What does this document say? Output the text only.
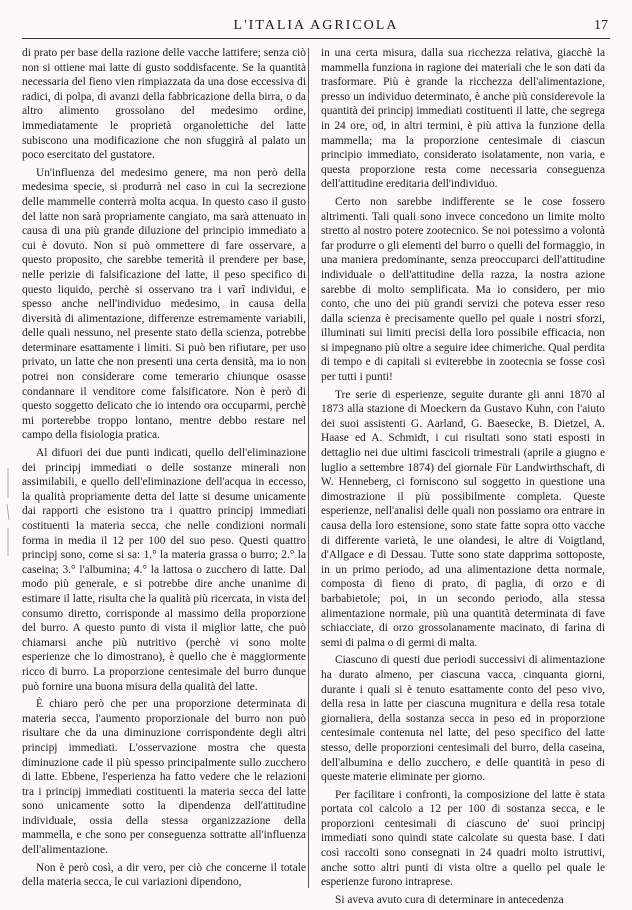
L'ITALIA AGRICOLA	17

di prato per base della razione delle vacche lattifere; senza ciò non si ottiene mai latte di gusto soddisfacente. Se la quantità necessaria del fieno vien rimpiazzata da una dose eccessiva di radici, di polpa, di avanzi della fabbricazione della birra, o da altro alimento grossolano del medesimo ordine, immediatamente le proprietà organolettiche del latte subiscono una modificazione che non sfuggirà al palato un poco esercitato del gustatore.

Un'influenza del medesimo genere, ma non però della medesima specie, si produrrà nel caso in cui la secrezione delle mammelle conterrà molta acqua. In questo caso il gusto del latte non sarà propriamente cangiato, ma sarà attenuato in causa di una più grande diluzione del principio immediato a cui è dovuto. Non si può ommettere di fare osservare, a questo proposito, che sarebbe temerità il prendere per base, nelle perizie di falsificazione del latte, il peso specifico di questo liquido, perchè si osservano tra i varî individui, e spesso anche nell'individuo medesimo, in causa della diversità di alimentazione, differenze estremamente variabili, delle quali nessuno, nel presente stato della scienza, potrebbe determinare esattamente i limiti. Si può ben rifiutare, per uso privato, un latte che non presenti una certa densità, ma io non potrei non considerare come temerario chiunque osasse condannare il venditore come falsificatore. Non è però di questo soggetto delicato che io intendo ora occuparmi, perchè mi porterebbe troppo lontano, mentre debbo restare nel campo della fisiologia pratica.

Al difuori dei due punti indicati, quello dell'eliminazione dei principj immediati o delle sostanze minerali non assimilabili, e quello dell'eliminazione dell'acqua in eccesso, la qualità propriamente detta del latte si desume unicamente dai rapporti che esistono tra i quattro principj immediati costituenti la materia secca, che nelle condizioni normali forma in media il 12 per 100 del suo peso. Questi quattro principj sono, come si sa: 1.° la materia grassa o burro; 2.° la caseina; 3.° l'albumina; 4.° la lattosa o zucchero di latte. Dal modo più generale, e si potrebbe dire anche unanime di estimare il latte, risulta che la qualità più ricercata, in vista del consumo diretto, corrisponde al massimo della proporzione del burro. A questo punto di vista il miglior latte, che può chiamarsi anche più nutritivo (perchè vi sono molte esperienze che lo dimostrano), è quello che è maggiormente ricco di burro. La proporzione centesimale del burro dunque può fornire una buona misura della qualità del latte.

È chiaro però che per una proporzione determinata di materia secca, l'aumento proporzionale del burro non può risultare che da una diminuzione corrispondente degli altri principj immediati. L'osservazione mostra che questa diminuzione cade il più spesso principalmente sullo zucchero di latte. Ebbene, l'esperienza ha fatto vedere che le relazioni tra i principj immediati costituenti la materia secca del latte sono unicamente sotto la dipendenza dell'attitudine individuale, ossia della stessa organizzazione della mammella, e che sono per conseguenza sottratte all'influenza dell'alimentazione.

Non è però così, a dir vero, per ciò che concerne il totale della materia secca, le cui variazioni dipendono,

in una certa misura, dalla sua ricchezza relativa, giacchè la mammella funziona in ragione dei materiali che le son dati da trasformare. Più è grande la ricchezza dell'alimentazione, presso un individuo determinato, è anche più considerevole la quantità dei principj immediati costituenti il latte, che segrega in 24 ore, od, in altri termini, è più attiva la funzione della mammella; ma la proporzione centesimale di ciascun principio immediato, considerato isolatamente, non varia, e questa proporzione resta come necessaria conseguenza dell'attitudine ereditaria dell'individuo.

Certo non sarebbe indifferente se le cose fossero altrimenti. Tali quali sono invece concedono un limite molto stretto al nostro potere zootecnico. Se noi potessimo a volontà far produrre o gli elementi del burro o quelli del formaggio, in una maniera predominante, senza preoccuparci dell'attitudine individuale o dell'attitudine della razza, la nostra azione sarebbe di molto semplificata. Ma io considero, per mio conto, che uno dei più grandi servizi che poteva esser reso dalla scienza è precisamente quello pel quale i nostri sforzi, illuminati sui limiti precisi della loro possibile efficacia, non si impegnano più oltre a seguire idee chimeriche. Qual perdita di tempo e di capitali si eviterebbe in zootecnia se fosse così per tutti i punti!

Tre serie di esperienze, seguite durante gli anni 1870 al 1873 alla stazione di Moeckern da Gustavo Kuhn, con l'aiuto dei suoi assistenti G. Aarland, G. Baesecke, B. Dietzel, A. Haase ed A. Schmidt, i cui risultati sono stati esposti in dettaglio nei due ultimi fascicoli trimestrali (aprile a giugno e luglio a settembre 1874) del giornale Für Landwirthschaft, di W. Henneberg, ci forniscono sul soggetto in questione una dimostrazione il più possibilmente completa. Queste esperienze, nell'analisi delle quali non possiamo ora entrare in causa della loro estensione, sono state fatte sopra otto vacche di differente varietà, le une olandesi, le altre di Voigtland, d'Allgace e di Dessau. Tutte sono state dapprima sottoposte, in un primo periodo, ad una alimentazione detta normale, composta di fieno di prato, di paglia, di orzo e di barbabietole; poi, in un secondo periodo, alla stessa alimentazione normale, più una quantità determinata di fave schiacciate, di orzo grossolanamente macinato, di farina di semi di palma o di germi di malta.

Ciascuno di questi due periodi successivi di alimentazione ha durato almeno, per ciascuna vacca, cinquanta giorni, durante i quali si è tenuto esattamente conto del peso vivo, della resa in latte per ciascuna mugnitura e della resa totale giornaliera, della sostanza secca in peso ed in proporzione centesimale contenuta nel latte, del peso specifico del latte stesso, delle proporzioni centesimali del burro, della caseina, dell'albumina e dello zucchero, e delle quantità in peso di queste materie eliminate per giorno.

Per facilitare i confronti, la composizione del latte è stata portata col calcolo a 12 per 100 di sostanza secca, e le proporzioni centesimali di ciascuno de' suoi principj immediati sono quindi state calcolate su questa base. I dati così raccolti sono consegnati in 24 quadri molto istruttivi, anche sotto altri punti di vista oltre a quello pel quale le esperienze furono intraprese.

Si aveva avuto cura di determinare in antecedenza
